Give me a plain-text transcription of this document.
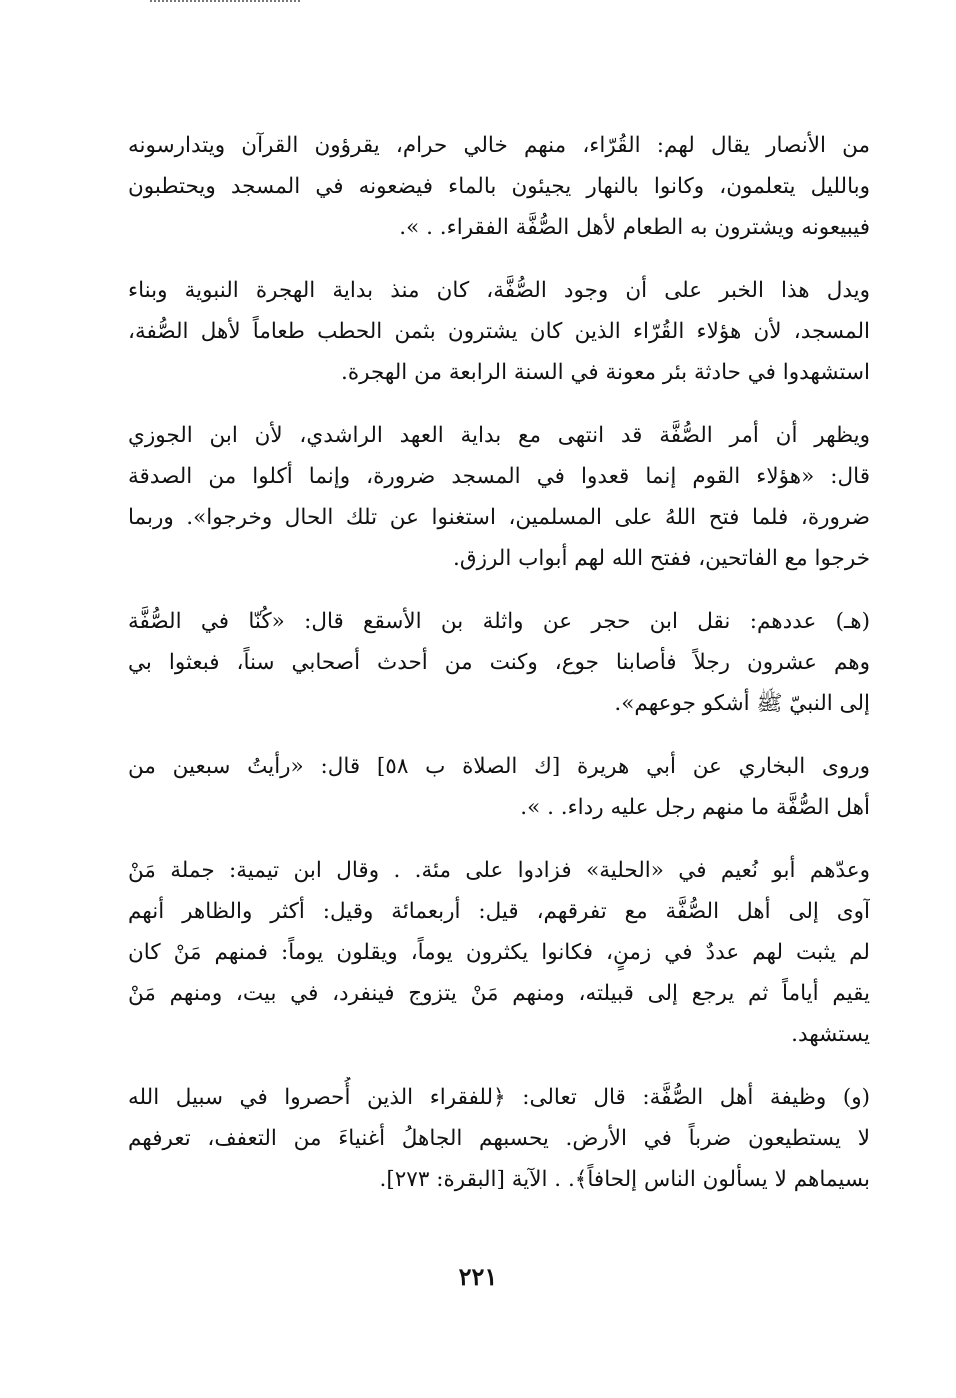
من الأنصار يقال لهم: القُرّاء، منهم خالي حرام، يقرؤون القرآن ويتدارسونه
وبالليل يتعلمون، وكانوا بالنهار يجيئون بالماء فيضعونه في المسجد ويحتطبون
فيبيعونه ويشترون به الطعام لأهل الصُّفَّة الفقراء. . ».

ويدل هذا الخبر على أن وجود الصُّفَّة، كان منذ بداية الهجرة النبوية وبناء
المسجد، لأن هؤلاء القُرّاء الذين كان يشترون بثمن الحطب طعاماً لأهل الصُّفة،
استشهدوا في حادثة بئر معونة في السنة الرابعة من الهجرة.

ويظهر أن أمر الصُّفَّة قد انتهى مع بداية العهد الراشدي، لأن ابن الجوزي
قال: «هؤلاء القوم إنما قعدوا في المسجد ضرورة، وإنما أكلوا من الصدقة
ضرورة، فلما فتح اللهُ على المسلمين، استغنوا عن تلك الحال وخرجوا». وربما
خرجوا مع الفاتحين، ففتح الله لهم أبواب الرزق.

(هـ) عددهم: نقل ابن حجر عن واثلة بن الأسقع قال: «كُنّا في الصُّفَّة
وهم عشرون رجلاً فأصابنا جوع، وكنت من أحدث أصحابي سناً، فبعثوا بي
إلى النبيّ ﷺ أشكو جوعهم».

وروى البخاري عن أبي هريرة [ك الصلاة ب ٥٨] قال: «رأيتُ سبعين من
أهل الصُّفَّة ما منهم رجل عليه رداء. . ».

وعدّهم أبو نُعيم في «الحلية» فزادوا على مئة. . وقال ابن تيمية: جملة مَنْ
آوى إلى أهل الصُّفَّة مع تفرقهم، قيل: أربعمائة وقيل: أكثر والظاهر أنهم
لم يثبت لهم عددٌ في زمنٍ، فكانوا يكثرون يوماً، ويقلون يوماً: فمنهم مَنْ كان
يقيم أياماً ثم يرجع إلى قبيلته، ومنهم مَنْ يتزوج فينفرد، في بيت، ومنهم مَنْ
يستشهد.

(و) وظيفة أهل الصُّفَّة: قال تعالى: ﴿للفقراء الذين أُحصروا في سبيل الله
لا يستطيعون ضرباً في الأرض. يحسبهم الجاهلُ أغنياءَ من التعفف، تعرفهم
بسيماهم لا يسألون الناس إلحافاً﴾. . الآية [البقرة: ٢٧٣].

٢٢١
